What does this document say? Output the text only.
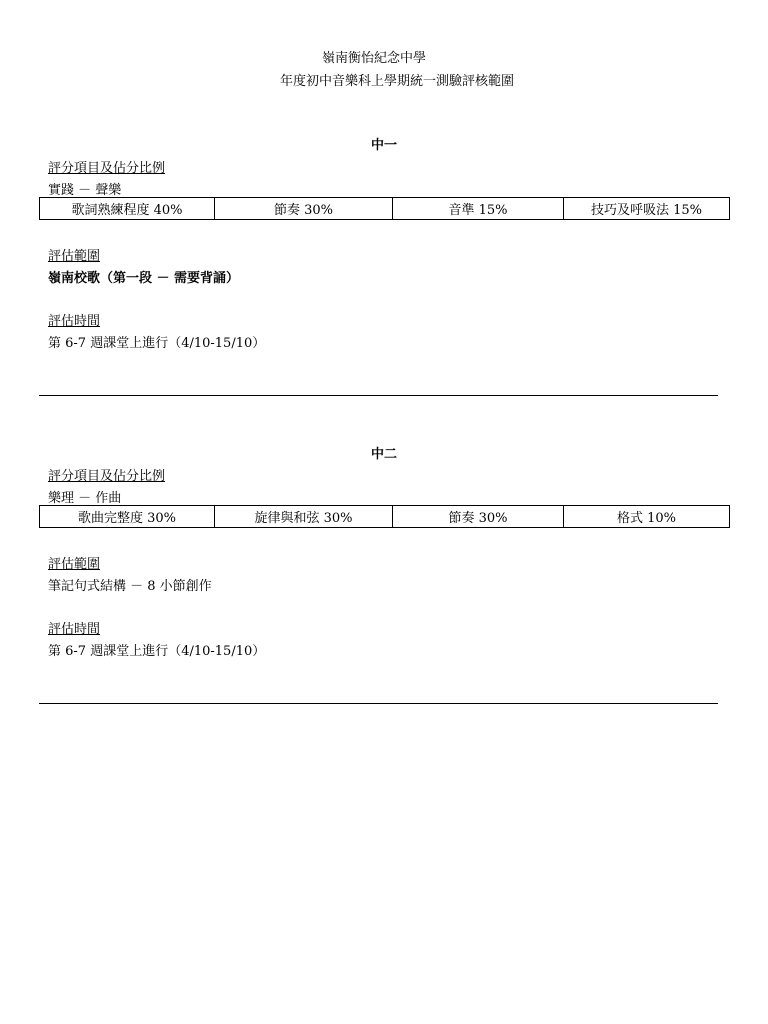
嶺南衡怡紀念中學
年度初中音樂科上學期統一測驗評核範圍
中一
評分項目及佔分比例
實踐 － 聲樂
歌詞熟練程度 40%	節奏 30%	音準 15%	技巧及呼吸法 15%
評估範圍
嶺南校歌（第一段 － 需要背誦）
評估時間
第 6-7 週課堂上進行（4/10-15/10）
中二
評分項目及佔分比例
樂理 － 作曲
歌曲完整度 30%	旋律與和弦 30%	節奏 30%	格式 10%
評估範圍
筆記句式結構 － 8 小節創作
評估時間
第 6-7 週課堂上進行（4/10-15/10）
